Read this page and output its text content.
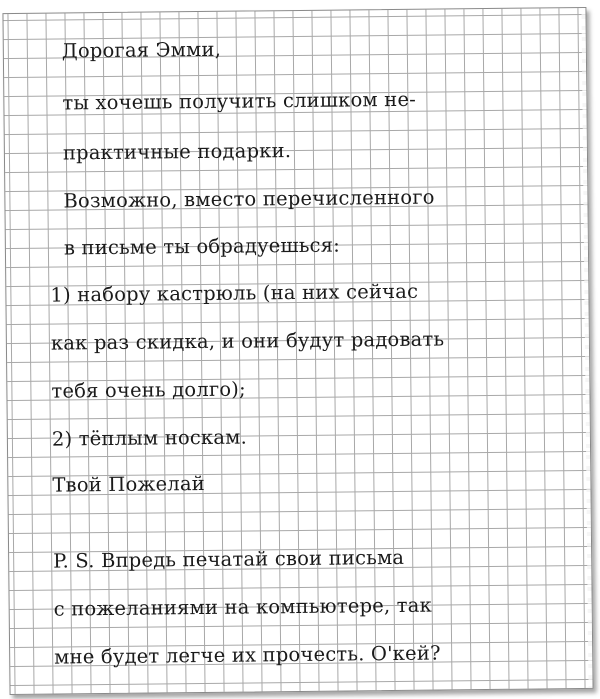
Дорогая Эмми,

ты хочешь получить слишком не-

практичные подарки.

Возможно, вместо перечисленного

в письме ты обрадуешься:

1) набору кастрюль (на них сейчас

как раз скидка, и они будут радовать

тебя очень долго);

2) тёплым носкам.

Твой Пожелай

P. S. Впредь печатай свои письма

с пожеланиями на компьютере, так

мне будет легче их прочесть. О'кей?
